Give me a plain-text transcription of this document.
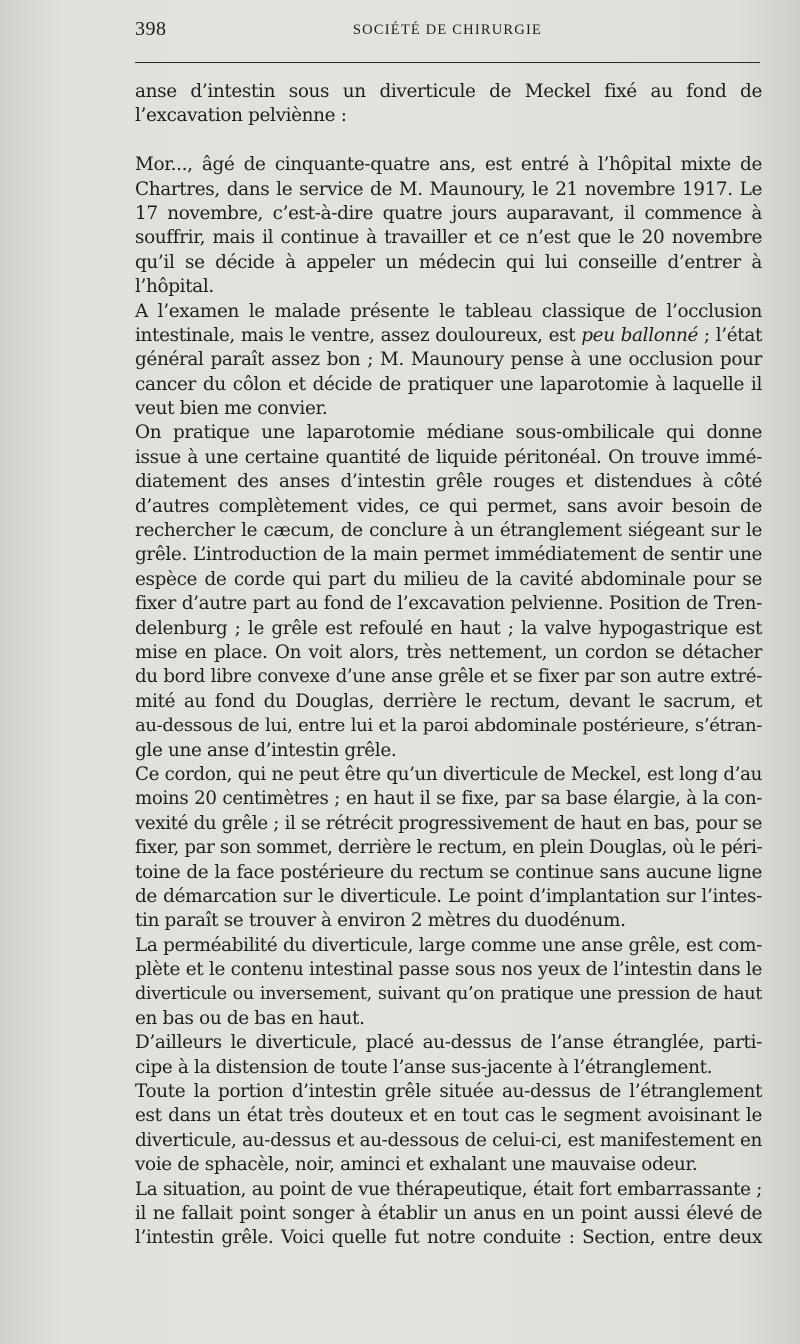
398	SOCIÉTÉ DE CHIRURGIE
anse d’intestin sous un diverticule de Meckel fixé au fond de
l’excavation pelviènne :
Mor..., âgé de cinquante-quatre ans, est entré à l’hôpital mixte de
Chartres, dans le service de M. Maunoury, le 21 novembre 1917. Le
17 novembre, c’est-à-dire quatre jours auparavant, il commence à
souffrir, mais il continue à travailler et ce n’est que le 20 novembre
qu’il se décide à appeler un médecin qui lui conseille d’entrer à
l’hôpital.
A l’examen le malade présente le tableau classique de l’occlusion
intestinale, mais le ventre, assez douloureux, est peu ballonné ; l’état
général paraît assez bon ; M. Maunoury pense à une occlusion pour
cancer du côlon et décide de pratiquer une laparotomie à laquelle il
veut bien me convier.
On pratique une laparotomie médiane sous-ombilicale qui donne
issue à une certaine quantité de liquide péritonéal. On trouve immé-
diatement des anses d’intestin grêle rouges et distendues à côté
d’autres complètement vides, ce qui permet, sans avoir besoin de
rechercher le cæcum, de conclure à un étranglement siégeant sur le
grêle. L’introduction de la main permet immédiatement de sentir une
espèce de corde qui part du milieu de la cavité abdominale pour se
fixer d’autre part au fond de l’excavation pelvienne. Position de Tren-
delenburg ; le grêle est refoulé en haut ; la valve hypogastrique est
mise en place. On voit alors, très nettement, un cordon se détacher
du bord libre convexe d’une anse grêle et se fixer par son autre extré-
mité au fond du Douglas, derrière le rectum, devant le sacrum, et
au-dessous de lui, entre lui et la paroi abdominale postérieure, s’étran-
gle une anse d’intestin grêle.
Ce cordon, qui ne peut être qu’un diverticule de Meckel, est long d’au
moins 20 centimètres ; en haut il se fixe, par sa base élargie, à la con-
vexité du grêle ; il se rétrécit progressivement de haut en bas, pour se
fixer, par son sommet, derrière le rectum, en plein Douglas, où le péri-
toine de la face postérieure du rectum se continue sans aucune ligne
de démarcation sur le diverticule. Le point d’implantation sur l’intes-
tin paraît se trouver à environ 2 mètres du duodénum.
La perméabilité du diverticule, large comme une anse grêle, est com-
plète et le contenu intestinal passe sous nos yeux de l’intestin dans le
diverticule ou inversement, suivant qu’on pratique une pression de haut
en bas ou de bas en haut.
D’ailleurs le diverticule, placé au-dessus de l’anse étranglée, parti-
cipe à la distension de toute l’anse sus-jacente à l’étranglement.
Toute la portion d’intestin grêle située au-dessus de l’étranglement
est dans un état très douteux et en tout cas le segment avoisinant le
diverticule, au-dessus et au-dessous de celui-ci, est manifestement en
voie de sphacèle, noir, aminci et exhalant une mauvaise odeur.
La situation, au point de vue thérapeutique, était fort embarrassante ;
il ne fallait point songer à établir un anus en un point aussi élevé de
l’intestin grêle. Voici quelle fut notre conduite : Section, entre deux
